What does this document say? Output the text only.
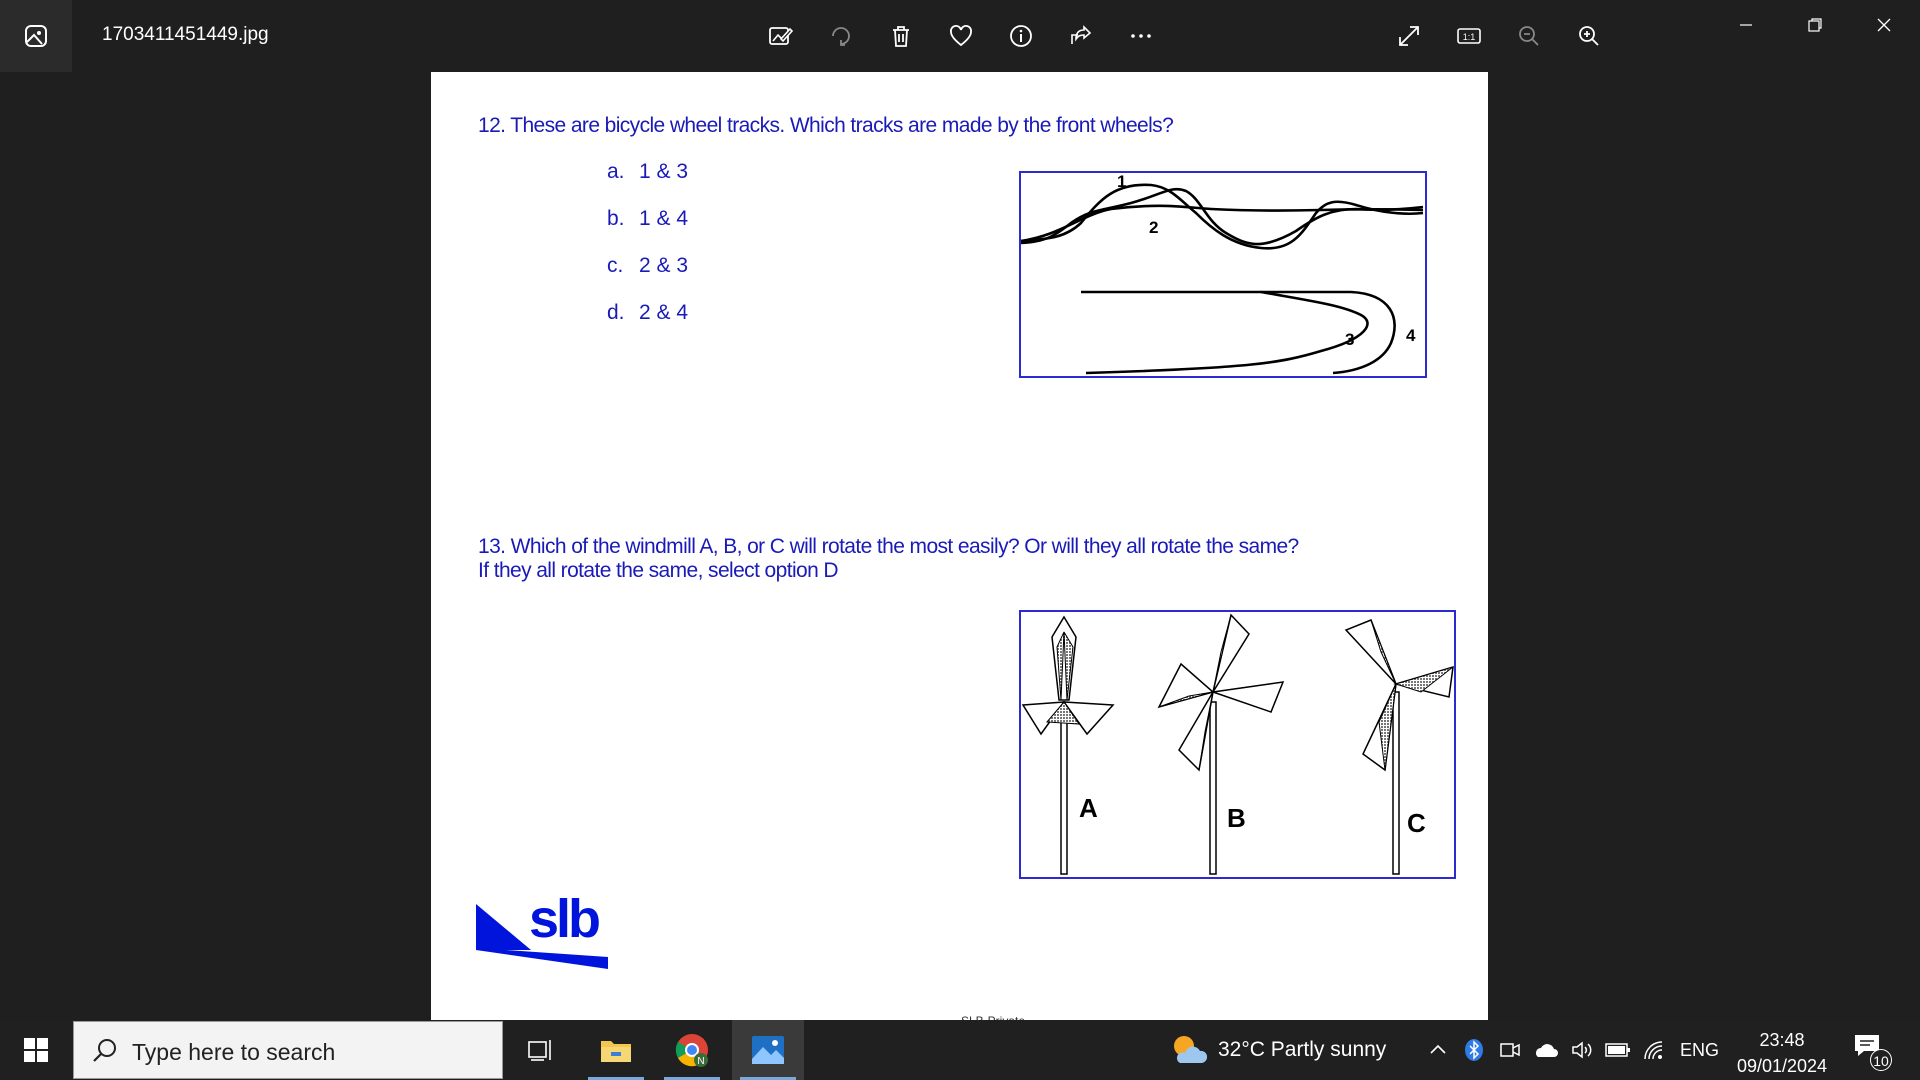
1703411451449.jpg	1:1
12. These are bicycle wheel tracks. Which tracks are made by the front wheels?
a. 1 & 3
b. 1 & 4
c. 2 & 3
d. 2 & 4
1
2
3	4
13. Which of the windmill A, B, or C will rotate the most easily? Or will they all rotate the same?
If they all rotate the same, select option D
A	B	C
slb
Type here to search	N
32°C Partly sunny	ENG	23:48
09/01/2024	10
